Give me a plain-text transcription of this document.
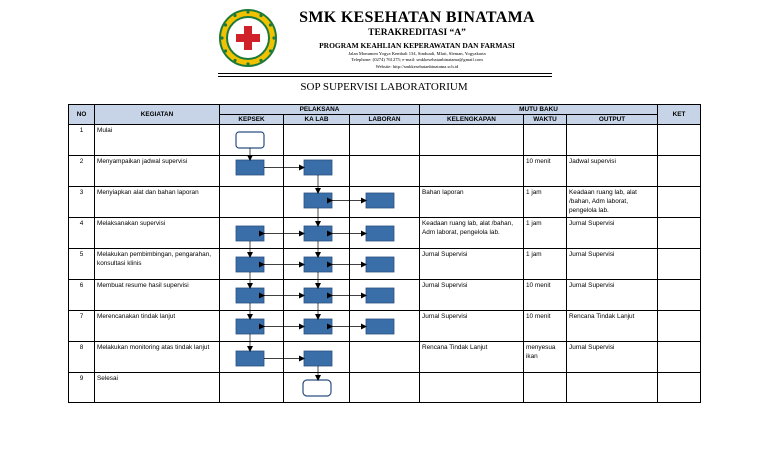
SMK KESEHATAN BINATAMA
TERAKREDITASI “A”
PROGRAM KEAHLIAN KEPERAWATAN DAN FARMASI
Jalan Monumen Yogya Kembali 134, Sinduadi, Mlati, Sleman, Yogyakarta
Telephone: (0274) 761275; e-mail: smkkesehatanbinatama@gmail.com
Website: http://smkkesehatanbinatama.sch.id
SOP SUPERVISI LABORATORIUM
NO	KEGIATAN	PELAKSANA			MUTU BAKU			KET
		KEPSEK	KA LAB	LABORAN	KELENGKAPAN	WAKTU	OUTPUT	
1	Mulai							
2	Menyampaikan jadwal supervisi					10 menit	Jadwal supervisi	
3	Menyiapkan alat dan bahan laporan				Bahan laporan	1 jam	Keadaan ruang lab, alat /bahan, Adm laborat, pengelola lab.	
4	Melaksanakan supervisi				Keadaan ruang lab, alat /bahan, Adm laborat, pengelola lab.	1 jam	Jurnal Supervisi	
5	Melakukan pembimbingan, pengarahan, konsultasi klinis				Jurnal Supervisi	1 jam	Jurnal Supervisi	
6	Membuat resume hasil supervisi				Jurnal Supervisi	10 menit	Jurnal Supervisi	
7	Merencanakan tindak lanjut				Jurnal Supervisi	10 menit	Rencana Tindak Lanjut	
8	Melakukan monitoring atas tindak lanjut				Rencana Tindak Lanjut	menyesua ikan	Jurnal Supervisi	
9	Selesai							
